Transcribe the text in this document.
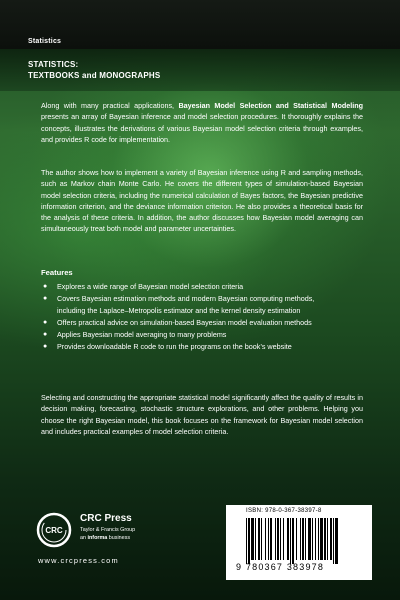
Statistics
STATISTICS:
TEXTBOOKS and MONOGRAPHS

Along with many practical applications, Bayesian Model Selection and Statistical Modeling presents an array of Bayesian inference and model selection procedures. It thoroughly explains the concepts, illustrates the derivations of various Bayesian model selection criteria through examples, and provides R code for implementation.

The author shows how to implement a variety of Bayesian inference using R and sampling methods, such as Markov chain Monte Carlo. He covers the different types of simulation-based Bayesian model selection criteria, including the numerical calculation of Bayes factors, the Bayesian predictive information criterion, and the deviance information criterion. He also provides a theoretical basis for the analysis of these criteria. In addition, the author discusses how Bayesian model averaging can simultaneously treat both model and parameter uncertainties.

Features
● Explores a wide range of Bayesian model selection criteria
● Covers Bayesian estimation methods and modern Bayesian computing methods, including the Laplace–Metropolis estimator and the kernel density estimation
● Offers practical advice on simulation-based Bayesian model evaluation methods
● Applies Bayesian model averaging to many problems
● Provides downloadable R code to run the programs on the book’s website

Selecting and constructing the appropriate statistical model significantly affect the quality of results in decision making, forecasting, stochastic structure explorations, and other problems. Helping you choose the right Bayesian model, this book focuses on the framework for Bayesian model selection and includes practical examples of model selection criteria.

CRC
CRC Press
Taylor & Francis Group
an informa business
www.crcpress.com
ISBN: 978-0-367-38397-8
9 780367 383978
